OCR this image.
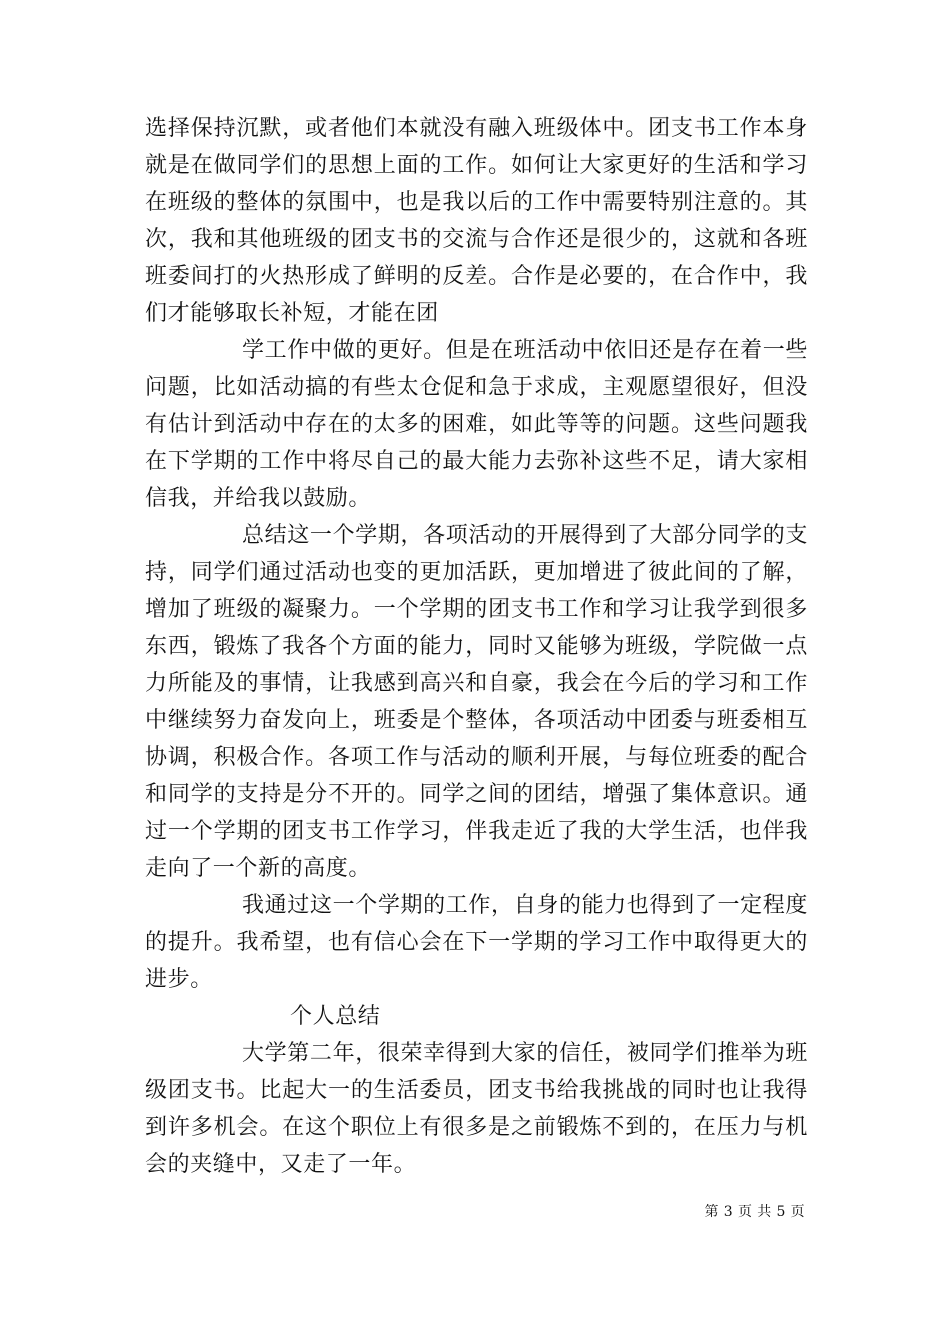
选择保持沉默，或者他们本就没有融入班级体中。团支书工作本身就是在做同学们的思想上面的工作。如何让大家更好的生活和学习在班级的整体的氛围中，也是我以后的工作中需要特别注意的。其次，我和其他班级的团支书的交流与合作还是很少的，这就和各班班委间打的火热形成了鲜明的反差。合作是必要的，在合作中，我们才能够取长补短，才能在团

学工作中做的更好。但是在班活动中依旧还是存在着一些问题，比如活动搞的有些太仓促和急于求成，主观愿望很好，但没有估计到活动中存在的太多的困难，如此等等的问题。这些问题我在下学期的工作中将尽自己的最大能力去弥补这些不足，请大家相信我，并给我以鼓励。

总结这一个学期，各项活动的开展得到了大部分同学的支持，同学们通过活动也变的更加活跃，更加增进了彼此间的了解，增加了班级的凝聚力。一个学期的团支书工作和学习让我学到很多东西，锻炼了我各个方面的能力，同时又能够为班级，学院做一点力所能及的事情，让我感到高兴和自豪，我会在今后的学习和工作中继续努力奋发向上，班委是个整体，各项活动中团委与班委相互协调，积极合作。各项工作与活动的顺利开展，与每位班委的配合和同学的支持是分不开的。同学之间的团结，增强了集体意识。通过一个学期的团支书工作学习，伴我走近了我的大学生活，也伴我走向了一个新的高度。

我通过这一个学期的工作，自身的能力也得到了一定程度的提升。我希望，也有信心会在下一学期的学习工作中取得更大的进步。

个人总结

大学第二年，很荣幸得到大家的信任，被同学们推举为班级团支书。比起大一的生活委员，团支书给我挑战的同时也让我得到许多机会。在这个职位上有很多是之前锻炼不到的，在压力与机会的夹缝中，又走了一年。

第 3 页 共 5 页
